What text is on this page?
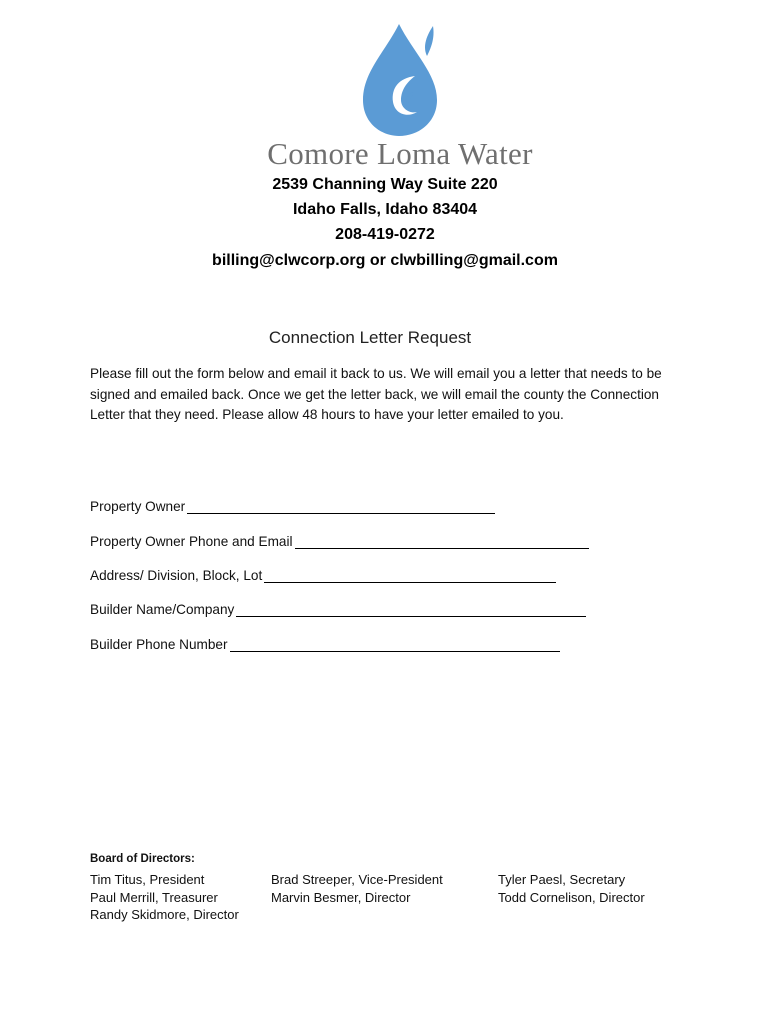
Comore Loma Water
2539 Channing Way Suite 220
Idaho Falls, Idaho 83404
208-419-0272
billing@clwcorp.org or clwbilling@gmail.com
Connection Letter Request
Please fill out the form below and email it back to us. We will email you a letter that needs to be signed and emailed back. Once we get the letter back, we will email the county the Connection Letter that they need. Please allow 48 hours to have your letter emailed to you.
Property Owner
Property Owner Phone and Email
Address/ Division, Block, Lot
Builder Name/Company
Builder Phone Number
Board of Directors:
Tim Titus, President
Paul Merrill, Treasurer
Randy Skidmore, Director
Brad Streeper, Vice-President
Marvin Besmer, Director
Tyler Paesl, Secretary
Todd Cornelison, Director
